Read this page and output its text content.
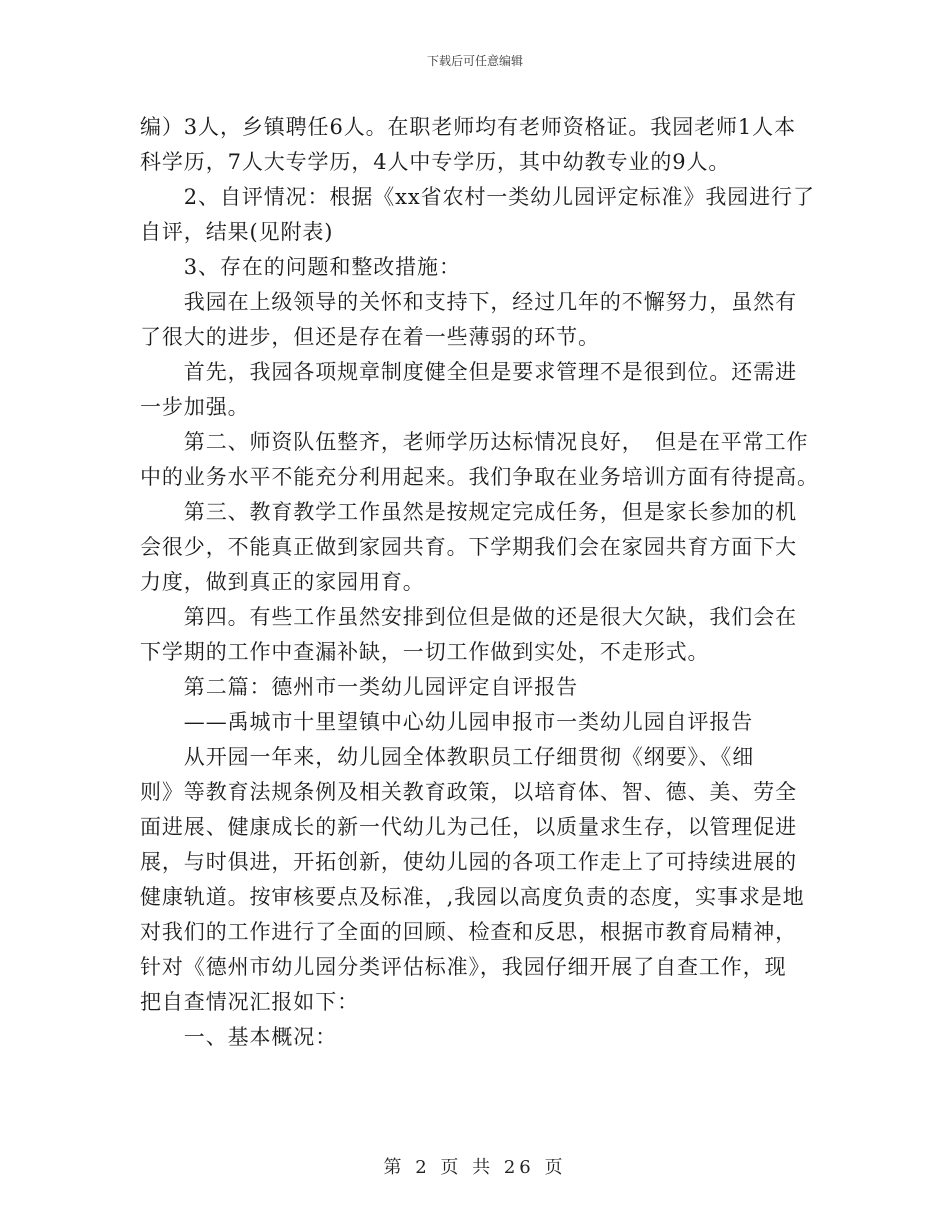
下载后可任意编辑
编）3人，乡镇聘任6人。在职老师均有老师资格证。我园老师1人本
科学历，7人大专学历，4人中专学历，其中幼教专业的9人。
　　2、自评情况：根据《xx省农村一类幼儿园评定标准》我园进行了
自评，结果(见附表)
　　3、存在的问题和整改措施：
　　我园在上级领导的关怀和支持下，经过几年的不懈努力，虽然有
了很大的进步，但还是存在着一些薄弱的环节。
　　首先，我园各项规章制度健全但是要求管理不是很到位。还需进
一步加强。
　　第二、师资队伍整齐，老师学历达标情况良好，　但是在平常工作
中的业务水平不能充分利用起来。我们争取在业务培训方面有待提高。
　　第三、教育教学工作虽然是按规定完成任务，但是家长参加的机
会很少，不能真正做到家园共育。下学期我们会在家园共育方面下大
力度，做到真正的家园用育。
　　第四。有些工作虽然安排到位但是做的还是很大欠缺，我们会在
下学期的工作中查漏补缺，一切工作做到实处，不走形式。
　　第二篇：德州市一类幼儿园评定自评报告
　　——禹城市十里望镇中心幼儿园申报市一类幼儿园自评报告
　　从开园一年来，幼儿园全体教职员工仔细贯彻《纲要》、《细
则》等教育法规条例及相关教育政策，以培育体、智、德、美、劳全
面进展、健康成长的新一代幼儿为己任，以质量求生存，以管理促进
展，与时俱进，开拓创新，使幼儿园的各项工作走上了可持续进展的
健康轨道。按审核要点及标准，,我园以高度负责的态度，实事求是地
对我们的工作进行了全面的回顾、检查和反思，根据市教育局精神，
针对《德州市幼儿园分类评估标准》，我园仔细开展了自查工作，现
把自查情况汇报如下：
　　一、基本概况：
第 2 页 共 26 页
